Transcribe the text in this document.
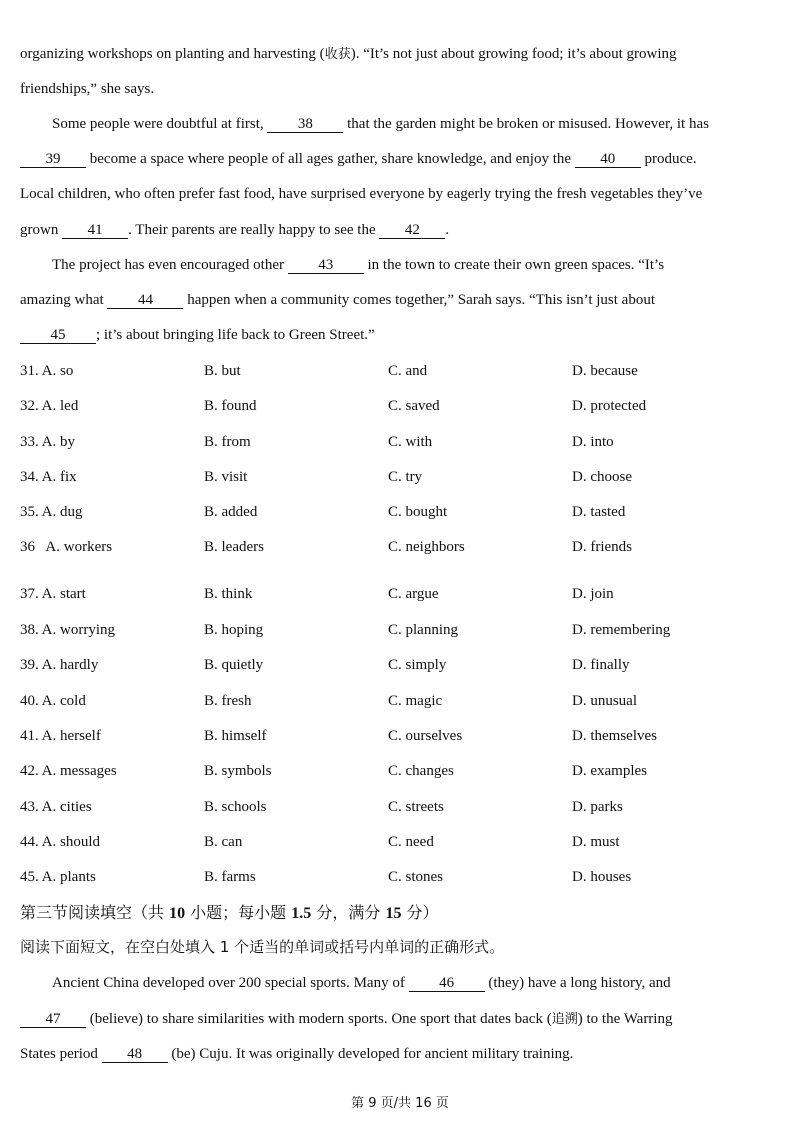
organizing workshops on planting and harvesting (收获). “It’s not just about growing food; it’s about growing
friendships,” she says.
Some people were doubtful at first, 38 that the garden might be broken or misused. However, it has
39 become a space where people of all ages gather, share knowledge, and enjoy the 40 produce.
Local children, who often prefer fast food, have surprised everyone by eagerly trying the fresh vegetables they’ve
grown 41 . Their parents are really happy to see the 42 .
The project has even encouraged other 43 in the town to create their own green spaces. “It’s
amazing what 44 happen when a community comes together,” Sarah says. “This isn’t just about
45 ; it’s about bringing life back to Green Street.”
31. A. so	B. but	C. and	D. because
32. A. led	B. found	C. saved	D. protected
33. A. by	B. from	C. with	D. into
34. A. fix	B. visit	C. try	D. choose
35. A. dug	B. added	C. bought	D. tasted
36   A. workers	B. leaders	C. neighbors	D. friends
37. A. start	B. think	C. argue	D. join
38. A. worrying	B. hoping	C. planning	D. remembering
39. A. hardly	B. quietly	C. simply	D. finally
40. A. cold	B. fresh	C. magic	D. unusual
41. A. herself	B. himself	C. ourselves	D. themselves
42. A. messages	B. symbols	C. changes	D. examples
43. A. cities	B. schools	C. streets	D. parks
44. A. should	B. can	C. need	D. must
45. A. plants	B. farms	C. stones	D. houses
第三节阅读填空（共 10 小题；每小题 1.5 分，满分 15 分）
阅读下面短文，在空白处填入 1 个适当的单词或括号内单词的正确形式。
Ancient China developed over 200 special sports. Many of 46 (they) have a long history, and
47 (believe) to share similarities with modern sports. One sport that dates back (追溯) to the Warring
States period 48 (be) Cuju. It was originally developed for ancient military training.
第 9 页/共 16 页
